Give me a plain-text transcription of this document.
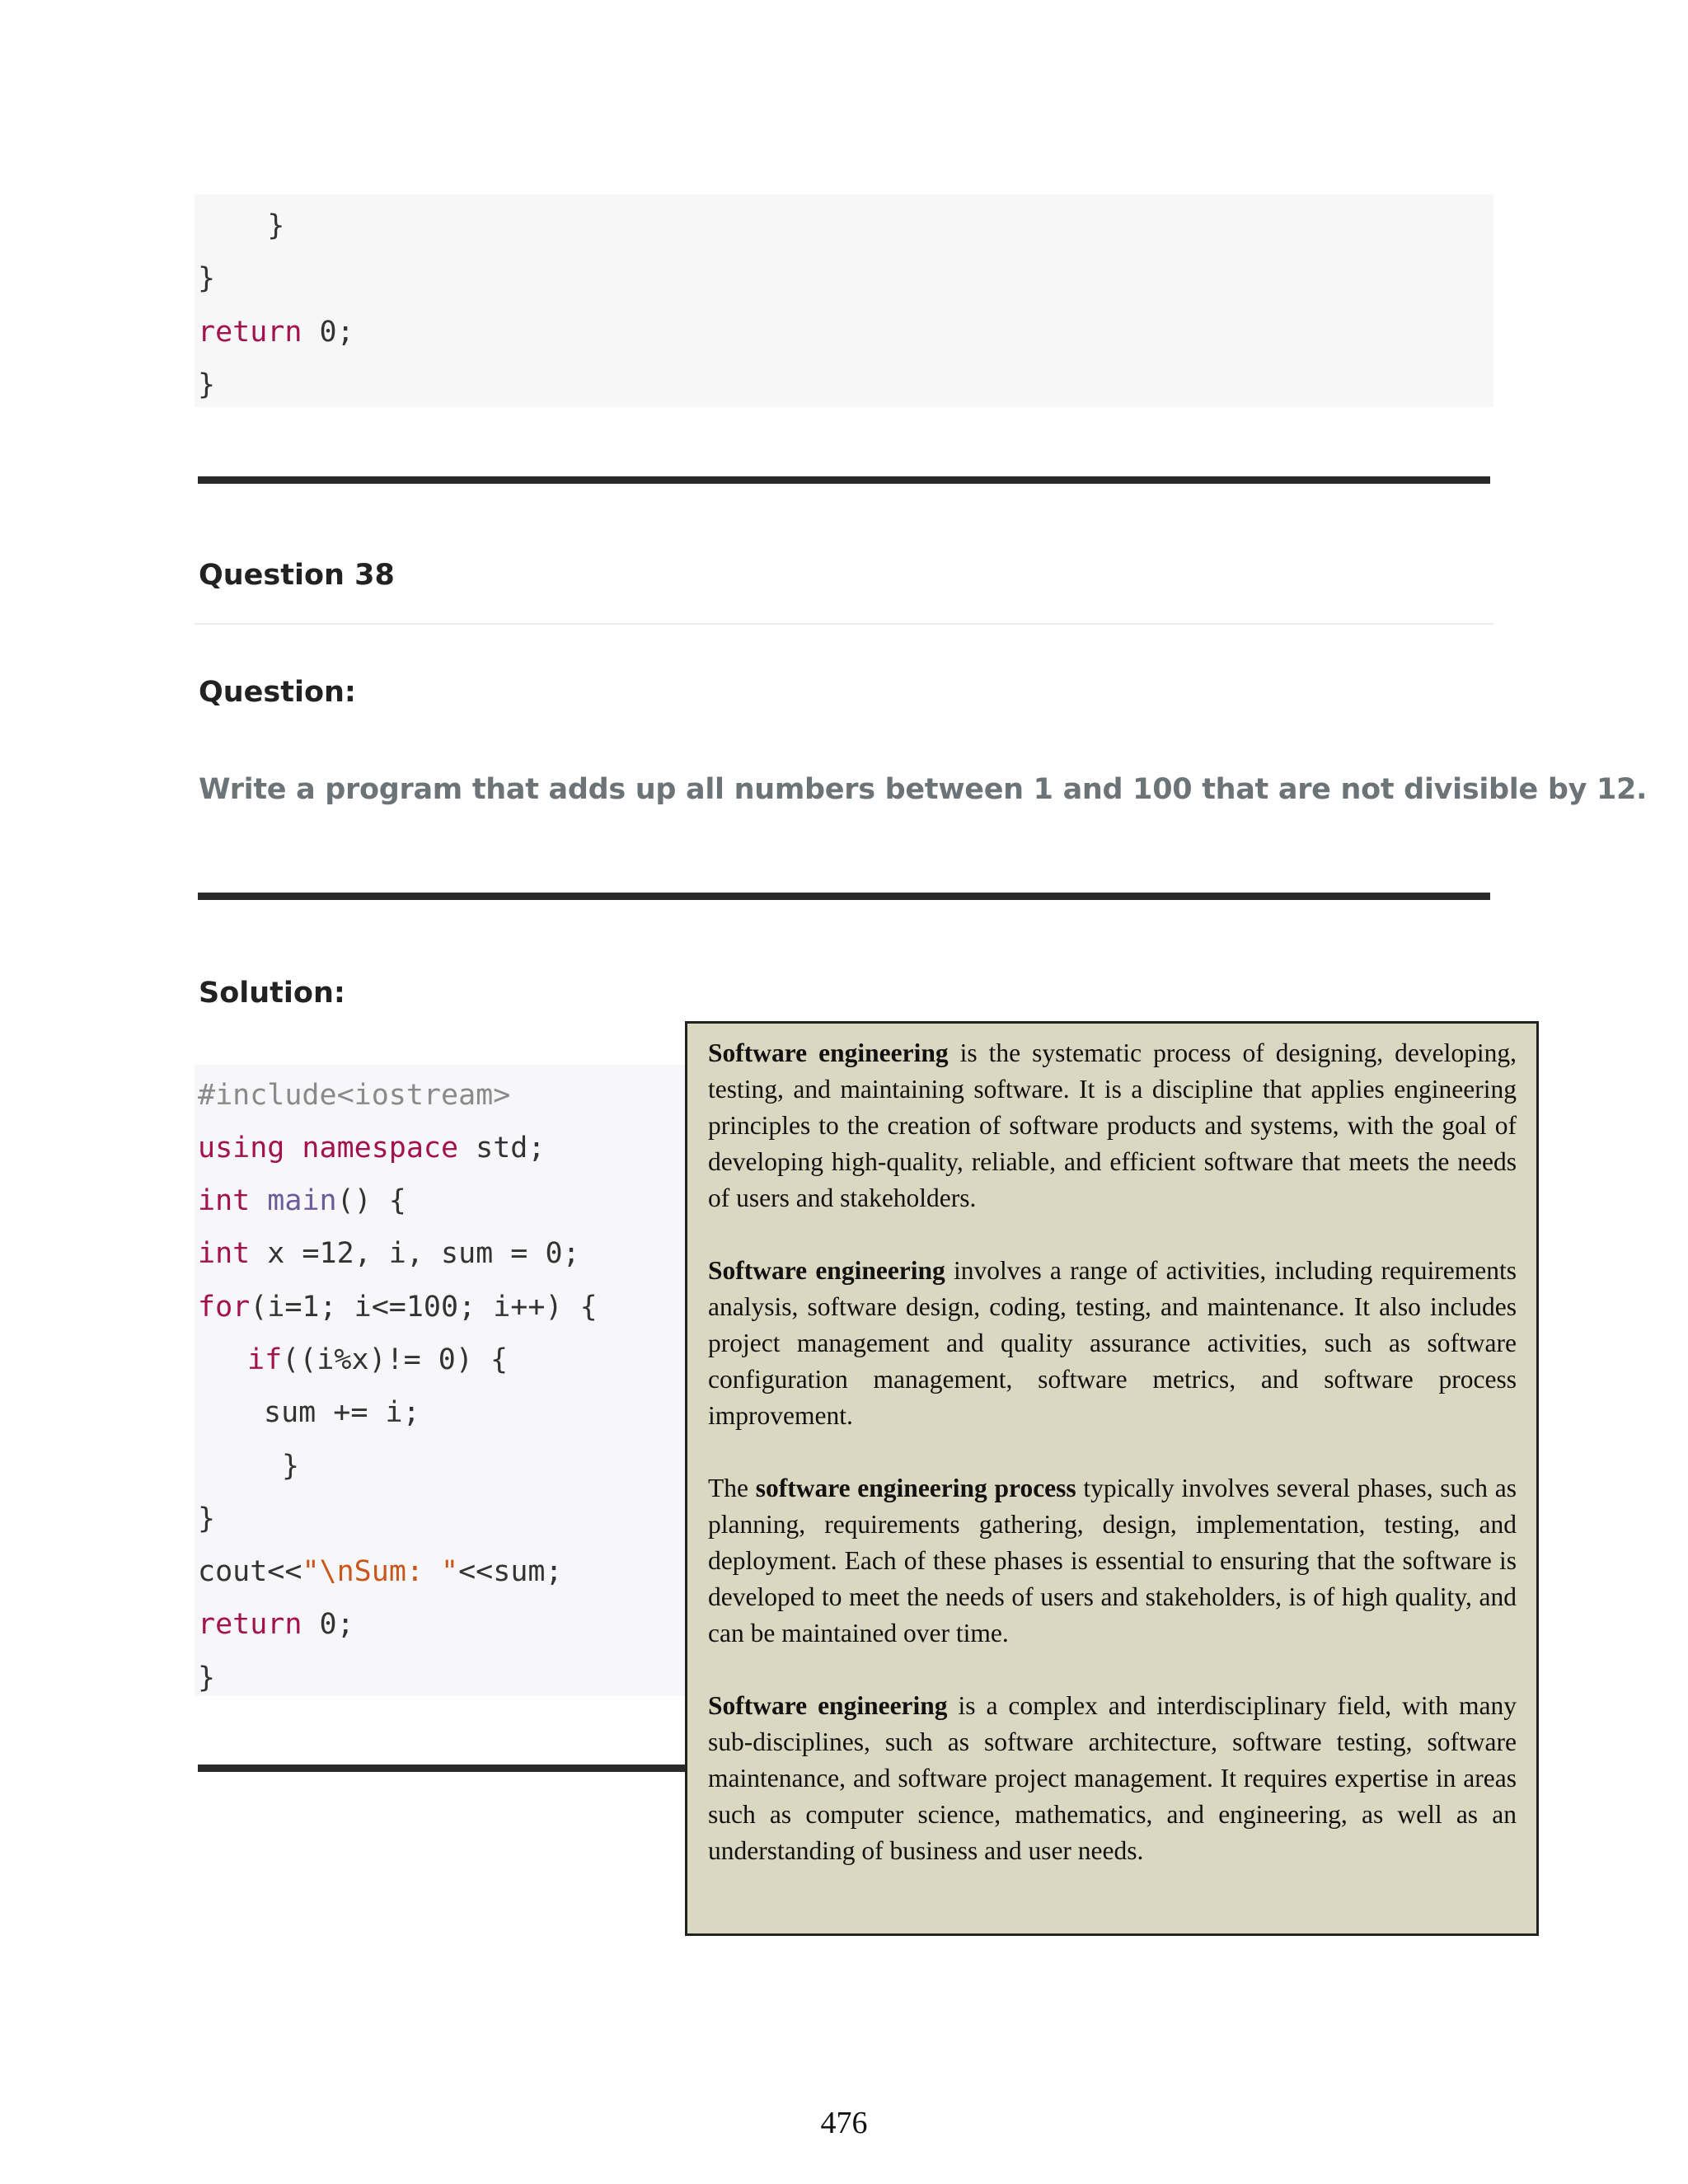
}
}
return 0;
}
Question 38
Question:
Write a program that adds up all numbers between 1 and 100 that are not divisible by 12.
Solution:
#include<iostream>
using namespace std;
int main() {
int x =12, i, sum = 0;
for(i=1; i<=100; i++) {
if((i%x)!= 0) {
sum += i;
}
}
cout<<"\nSum: "<<sum;
return 0;
}

Software engineering is the systematic process of designing, developing, testing, and maintaining software. It is a discipline that applies engineering principles to the creation of software products and systems, with the goal of developing high-quality, reliable, and efficient software that meets the needs of users and stakeholders.

Software engineering involves a range of activities, including requirements analysis, software design, coding, testing, and maintenance. It also includes project management and quality assurance activities, such as software configuration management, software metrics, and software process improvement.

The software engineering process typically involves several phases, such as planning, requirements gathering, design, implementation, testing, and deployment. Each of these phases is essential to ensuring that the software is developed to meet the needs of users and stakeholders, is of high quality, and can be maintained over time.

Software engineering is a complex and interdisciplinary field, with many sub-disciplines, such as software architecture, software testing, software maintenance, and software project management. It requires expertise in areas such as computer science, mathematics, and engineering, as well as an understanding of business and user needs.

476
